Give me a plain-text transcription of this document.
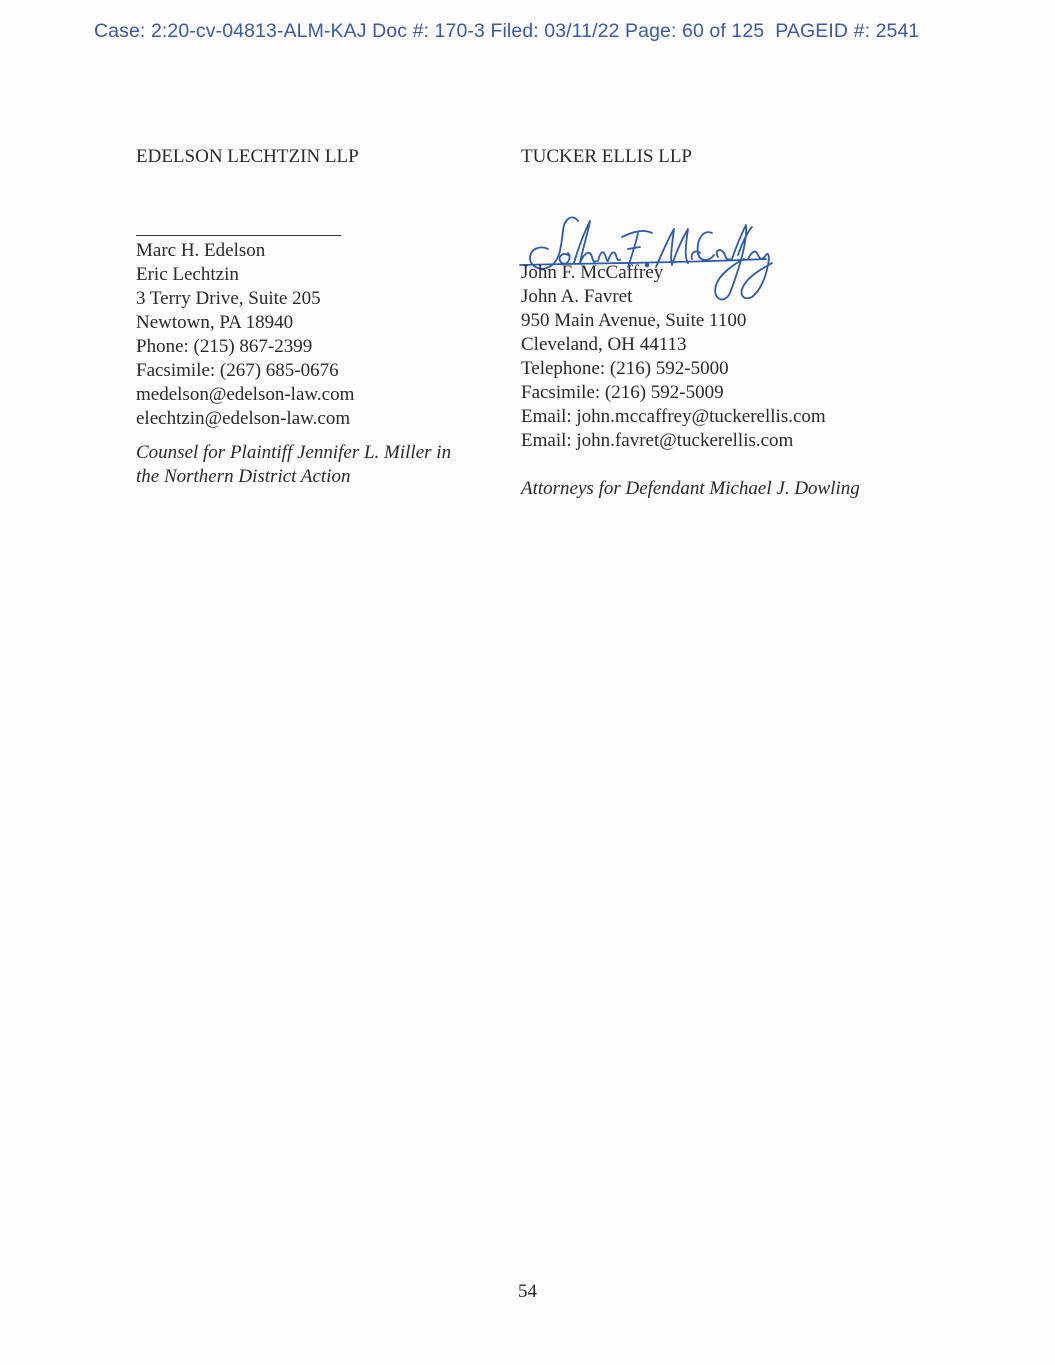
Case: 2:20-cv-04813-ALM-KAJ Doc #: 170-3 Filed: 03/11/22 Page: 60 of 125  PAGEID #: 2541

EDELSON LECHTZIN LLP

Marc H. Edelson
Eric Lechtzin
3 Terry Drive, Suite 205
Newtown, PA 18940
Phone: (215) 867-2399
Facsimile: (267) 685-0676
medelson@edelson-law.com
elechtzin@edelson-law.com
Counsel for Plaintiff Jennifer L. Miller in
the Northern District Action

TUCKER ELLIS LLP

John F. McCaffrey
John A. Favret
950 Main Avenue, Suite 1100
Cleveland, OH 44113
Telephone: (216) 592-5000
Facsimile: (216) 592-5009
Email: john.mccaffrey@tuckerellis.com
Email: john.favret@tuckerellis.com
Attorneys for Defendant Michael J. Dowling
54
